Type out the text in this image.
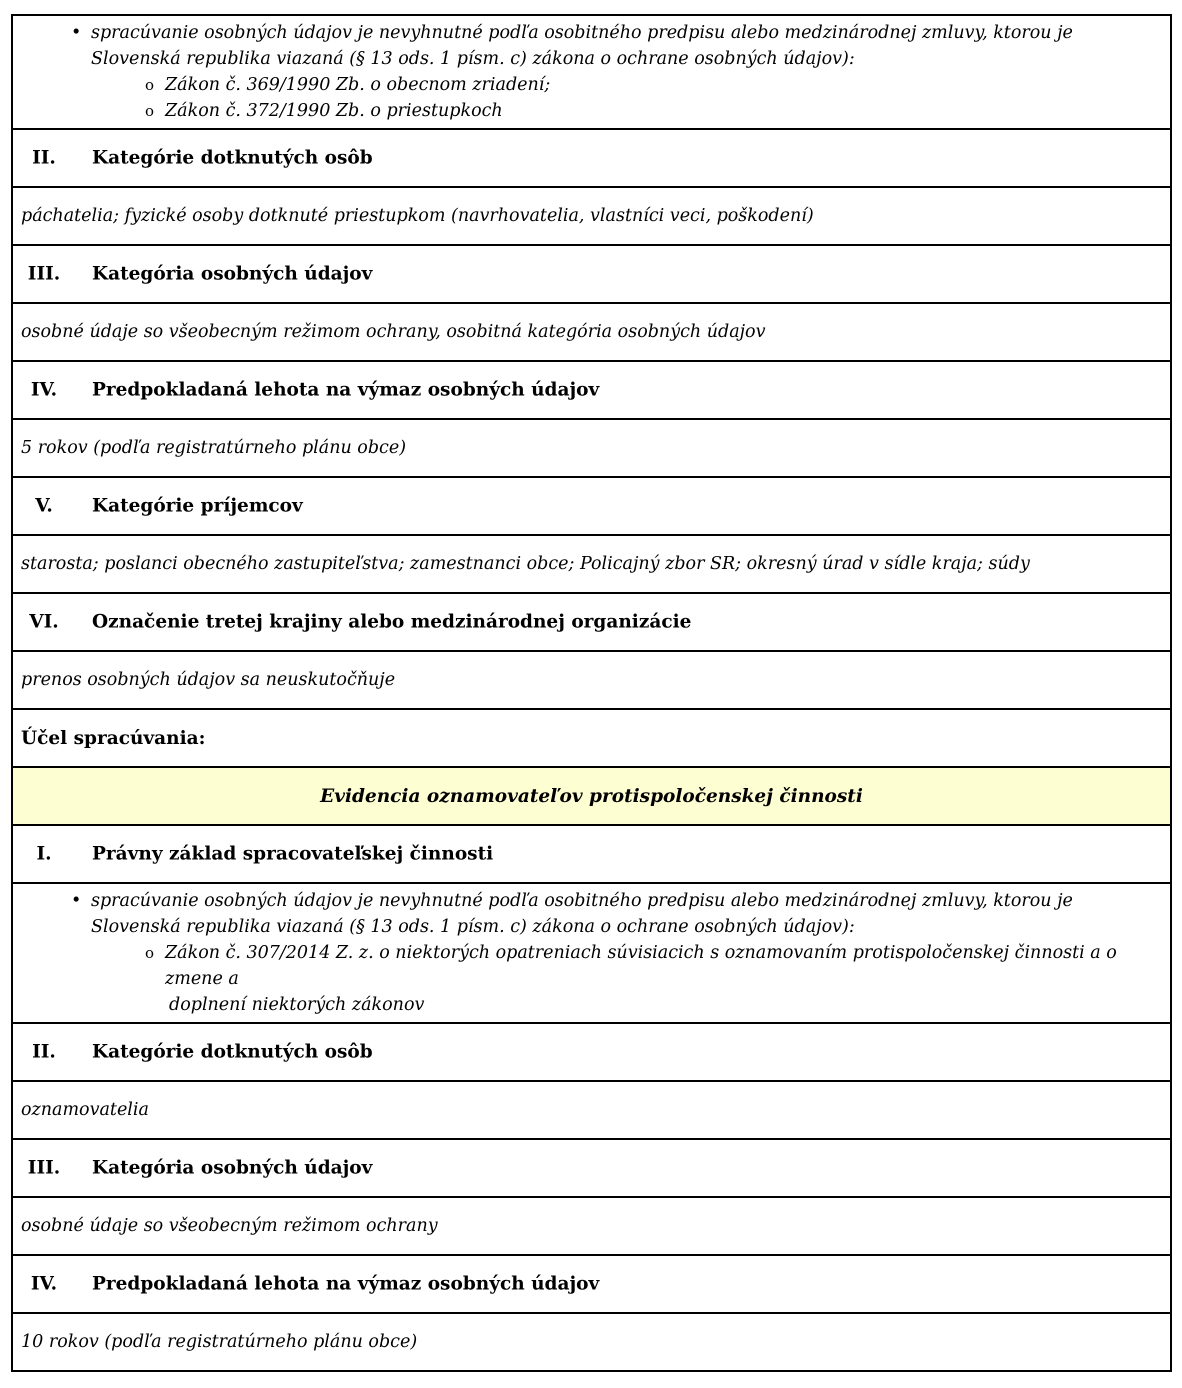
• spracúvanie osobných údajov je nevyhnutné podľa osobitného predpisu alebo medzinárodnej zmluvy, ktorou je Slovenská republika viazaná (§ 13 ods. 1 písm. c) zákona o ochrane osobných údajov):
o Zákon č. 369/1990 Zb. o obecnom zriadení;
o Zákon č. 372/1990 Zb. o priestupkoch

II.	Kategórie dotknutých osôb

páchatelia; fyzické osoby dotknuté priestupkom (navrhovatelia, vlastníci veci, poškodení)

III.	Kategória osobných údajov

osobné údaje so všeobecným režimom ochrany, osobitná kategória osobných údajov

IV.	Predpokladaná lehota na výmaz osobných údajov

5 rokov (podľa registratúrneho plánu obce)

V.	Kategórie príjemcov

starosta; poslanci obecného zastupiteľstva; zamestnanci obce; Policajný zbor SR; okresný úrad v sídle kraja; súdy

VI.	Označenie tretej krajiny alebo medzinárodnej organizácie

prenos osobných údajov sa neuskutočňuje
Účel spracúvania:
Evidencia oznamovateľov protispoločenskej činnosti

I.	Právny základ spracovateľskej činnosti

• spracúvanie osobných údajov je nevyhnutné podľa osobitného predpisu alebo medzinárodnej zmluvy, ktorou je Slovenská republika viazaná (§ 13 ods. 1 písm. c) zákona o ochrane osobných údajov):
o Zákon č. 307/2014 Z. z. o niektorých opatreniach súvisiacich s oznamovaním protispoločenskej činnosti a o zmene a
doplnení niektorých zákonov

II.	Kategórie dotknutých osôb

oznamovatelia

III.	Kategória osobných údajov

osobné údaje so všeobecným režimom ochrany

IV.	Predpokladaná lehota na výmaz osobných údajov

10 rokov (podľa registratúrneho plánu obce)
